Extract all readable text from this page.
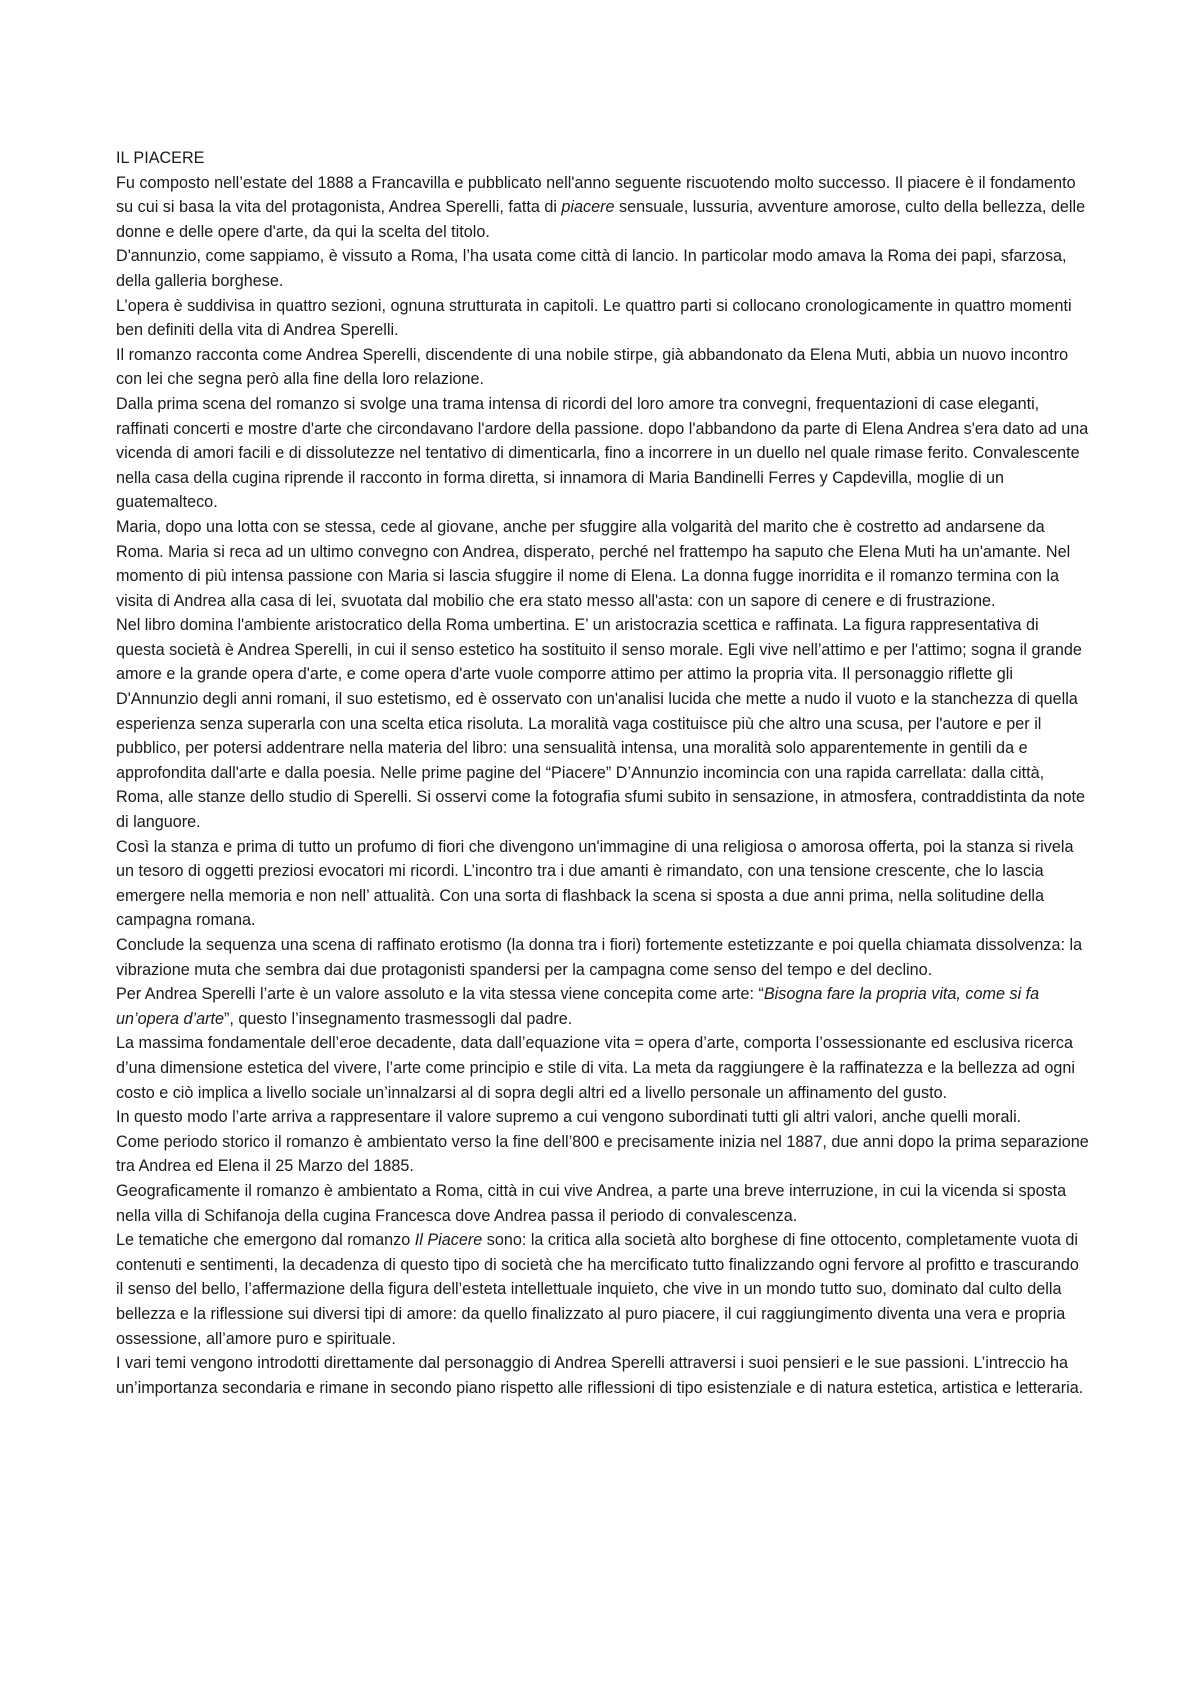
IL PIACERE

Fu composto nell’estate del 1888 a Francavilla e pubblicato nell'anno seguente riscuotendo molto successo. Il piacere è il fondamento su cui si basa la vita del protagonista, Andrea Sperelli, fatta di piacere sensuale, lussuria, avventure amorose, culto della bellezza, delle donne e delle opere d'arte, da qui la scelta del titolo.

D'annunzio, come sappiamo, è vissuto a Roma, l’ha usata come città di lancio. In particolar modo amava la Roma dei papi, sfarzosa, della galleria borghese.

L’opera è suddivisa in quattro sezioni, ognuna strutturata in capitoli. Le quattro parti si collocano cronologicamente in quattro momenti ben definiti della vita di Andrea Sperelli.

Il romanzo racconta come Andrea Sperelli, discendente di una nobile stirpe, già abbandonato da Elena Muti, abbia un nuovo incontro con lei che segna però alla fine della loro relazione.

Dalla prima scena del romanzo si svolge una trama intensa di ricordi del loro amore tra convegni, frequentazioni di case eleganti, raffinati concerti e mostre d'arte che circondavano l'ardore della passione. dopo l'abbandono da parte di Elena Andrea s'era dato ad una vicenda di amori facili e di dissolutezze nel tentativo di dimenticarla, fino a incorrere in un duello nel quale rimase ferito. Convalescente nella casa della cugina riprende il racconto in forma diretta, si innamora di Maria Bandinelli Ferres y Capdevilla, moglie di un guatemalteco.

Maria, dopo una lotta con se stessa, cede al giovane, anche per sfuggire alla volgarità del marito che è costretto ad andarsene da Roma. Maria si reca ad un ultimo convegno con Andrea, disperato, perché nel frattempo ha saputo che Elena Muti ha un'amante. Nel momento di più intensa passione con Maria si lascia sfuggire il nome di Elena. La donna fugge inorridita e il romanzo termina con la visita di Andrea alla casa di lei, svuotata dal mobilio che era stato messo all'asta: con un sapore di cenere e di frustrazione.

Nel libro domina l'ambiente aristocratico della Roma umbertina. E’ un aristocrazia scettica e raffinata. La figura rappresentativa di questa società è Andrea Sperelli, in cui il senso estetico ha sostituito il senso morale. Egli vive nell’attimo e per l'attimo; sogna il grande amore e la grande opera d'arte, e come opera d'arte vuole comporre attimo per attimo la propria vita. Il personaggio riflette gli D'Annunzio degli anni romani, il suo estetismo, ed è osservato con un'analisi lucida che mette a nudo il vuoto e la stanchezza di quella esperienza senza superarla con una scelta etica risoluta. La moralità vaga costituisce più che altro una scusa, per l'autore e per il pubblico, per potersi addentrare nella materia del libro: una sensualità intensa, una moralità solo apparentemente in gentili da e approfondita dall'arte e dalla poesia. Nelle prime pagine del “Piacere” D’Annunzio incomincia con una rapida carrellata: dalla città, Roma, alle stanze dello studio di Sperelli. Si osservi come la fotografia sfumi subito in sensazione, in atmosfera, contraddistinta da note di languore.

Così la stanza e prima di tutto un profumo di fiori che divengono un'immagine di una religiosa o amorosa offerta, poi la stanza si rivela un tesoro di oggetti preziosi evocatori mi ricordi. L’incontro tra i due amanti è rimandato, con una tensione crescente, che lo lascia emergere nella memoria e non nell’ attualità. Con una sorta di flashback la scena si sposta a due anni prima, nella solitudine della campagna romana.

Conclude la sequenza una scena di raffinato erotismo (la donna tra i fiori) fortemente estetizzante e poi quella chiamata dissolvenza: la vibrazione muta che sembra dai due protagonisti spandersi per la campagna come senso del tempo e del declino.

Per Andrea Sperelli l’arte è un valore assoluto e la vita stessa viene concepita come arte: “Bisogna fare la propria vita, come si fa un’opera d’arte”, questo l’insegnamento trasmessogli dal padre.

La massima fondamentale dell’eroe decadente, data dall’equazione vita = opera d’arte, comporta l’ossessionante ed esclusiva ricerca d’una dimensione estetica del vivere, l’arte come principio e stile di vita. La meta da raggiungere è la raffinatezza e la bellezza ad ogni costo e ciò implica a livello sociale un’innalzarsi al di sopra degli altri ed a livello personale un affinamento del gusto.

In questo modo l’arte arriva a rappresentare il valore supremo a cui vengono subordinati tutti gli altri valori, anche quelli morali.

Come periodo storico il romanzo è ambientato verso la fine dell’800 e precisamente inizia nel 1887, due anni dopo la prima separazione tra Andrea ed Elena il 25 Marzo del 1885.

Geograficamente il romanzo è ambientato a Roma, città in cui vive Andrea, a parte una breve interruzione, in cui la vicenda si sposta nella villa di Schifanoja della cugina Francesca dove Andrea passa il periodo di convalescenza.

Le tematiche che emergono dal romanzo Il Piacere sono: la critica alla società alto borghese di fine ottocento, completamente vuota di contenuti e sentimenti, la decadenza di questo tipo di società che ha mercificato tutto finalizzando ogni fervore al profitto e trascurando il senso del bello, l’affermazione della figura dell’esteta intellettuale inquieto, che vive in un mondo tutto suo, dominato dal culto della bellezza e la riflessione sui diversi tipi di amore: da quello finalizzato al puro piacere, il cui raggiungimento diventa una vera e propria ossessione, all’amore puro e spirituale.

I vari temi vengono introdotti direttamente dal personaggio di Andrea Sperelli attraversi i suoi pensieri e le sue passioni. L’intreccio ha un’importanza secondaria e rimane in secondo piano rispetto alle riflessioni di tipo esistenziale e di natura estetica, artistica e letteraria.
